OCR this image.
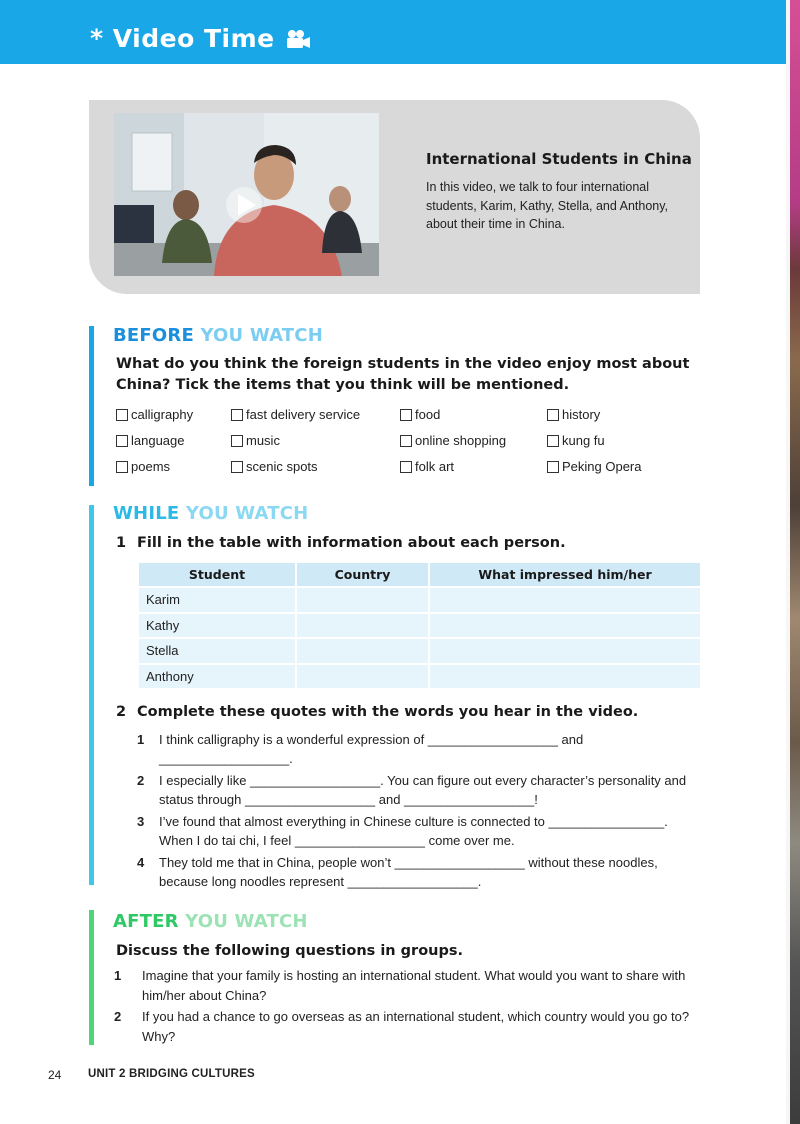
* Video Time
International Students in China
In this video, we talk to four international students, Karim, Kathy, Stella, and Anthony, about their time in China.
BEFORE YOU WATCH
What do you think the foreign students in the video enjoy most about China? Tick the items that you think will be mentioned.
calligraphy	fast delivery service	food	history
language	music	online shopping	kung fu
poems	scenic spots	folk art	Peking Opera
WHILE YOU WATCH
1 Fill in the table with information about each person.
Student	Country	What impressed him/her
Karim		
Kathy		
Stella		
Anthony		
2 Complete these quotes with the words you hear in the video.
1	I think calligraphy is a wonderful expression of __________________ and __________________.
2	I especially like __________________. You can figure out every character’s personality and status through __________________ and __________________!
3	I’ve found that almost everything in Chinese culture is connected to ________________. When I do tai chi, I feel __________________ come over me.
4	They told me that in China, people won’t __________________ without these noodles, because long noodles represent __________________.
AFTER YOU WATCH
Discuss the following questions in groups.
1	Imagine that your family is hosting an international student. What would you want to share with him/her about China?
2	If you had a chance to go overseas as an international student, which country would you go to? Why?
24 UNIT 2 BRIDGING CULTURES
